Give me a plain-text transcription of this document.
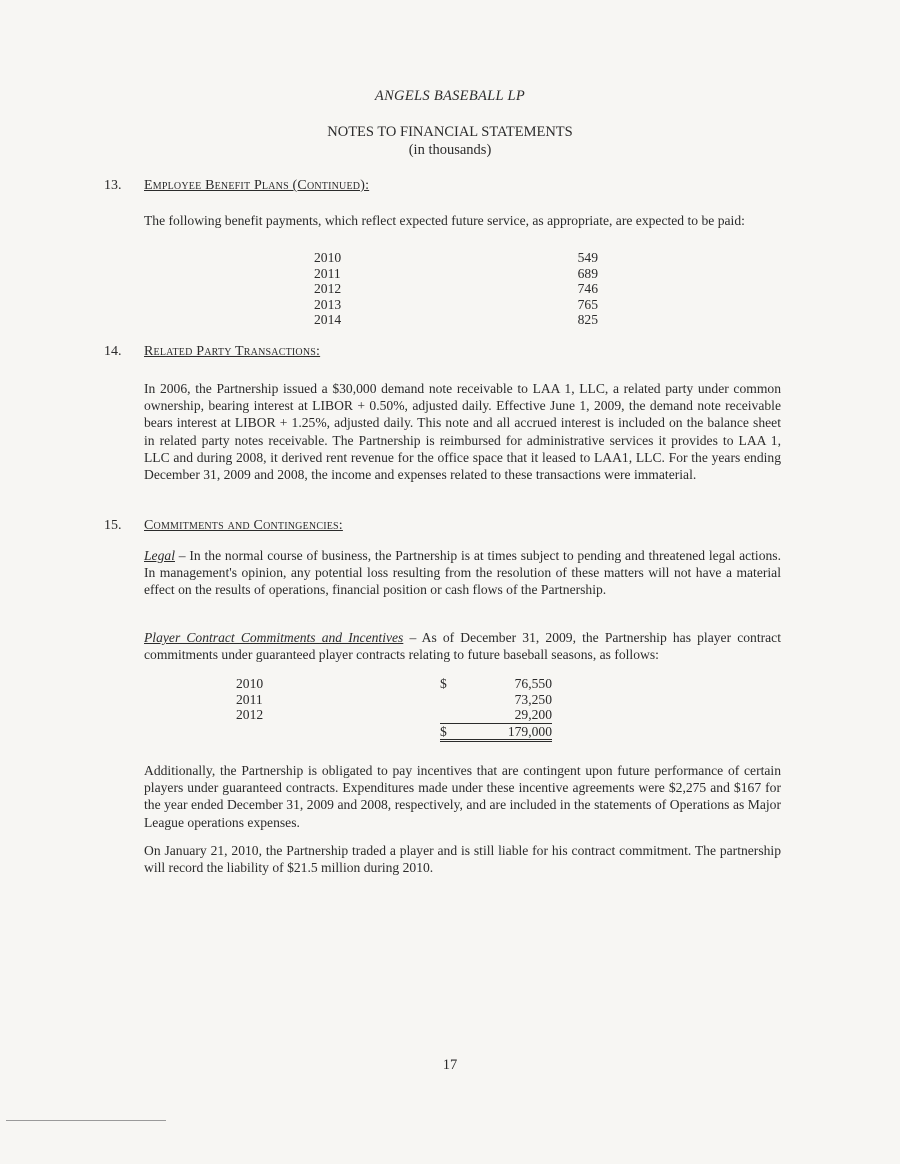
ANGELS BASEBALL LP
NOTES TO FINANCIAL STATEMENTS
(in thousands)
13. Employee Benefit Plans (Continued):

The following benefit payments, which reflect expected future service, as appropriate, are expected to be paid:

2010	549
2011	689
2012	746
2013	765
2014	825
14. Related Party Transactions:

In 2006, the Partnership issued a $30,000 demand note receivable to LAA 1, LLC, a related party under common ownership, bearing interest at LIBOR + 0.50%, adjusted daily. Effective June 1, 2009, the demand note receivable bears interest at LIBOR + 1.25%, adjusted daily. This note and all accrued interest is included on the balance sheet in related party notes receivable. The Partnership is reimbursed for administrative services it provides to LAA 1, LLC and during 2008, it derived rent revenue for the office space that it leased to LAA1, LLC. For the years ending December 31, 2009 and 2008, the income and expenses related to these transactions were immaterial.

15. Commitments and Contingencies:

Legal – In the normal course of business, the Partnership is at times subject to pending and threatened legal actions. In management's opinion, any potential loss resulting from the resolution of these matters will not have a material effect on the results of operations, financial position or cash flows of the Partnership.

Player Contract Commitments and Incentives – As of December 31, 2009, the Partnership has player contract commitments under guaranteed player contracts relating to future baseball seasons, as follows:

2010	$	76,550
2011		73,250
2012		29,200
	$	179,000

Additionally, the Partnership is obligated to pay incentives that are contingent upon future performance of certain players under guaranteed contracts. Expenditures made under these incentive agreements were $2,275 and $167 for the year ended December 31, 2009 and 2008, respectively, and are included in the statements of Operations as Major League operations expenses.

On January 21, 2010, the Partnership traded a player and is still liable for his contract commitment. The partnership will record the liability of $21.5 million during 2010.

17
